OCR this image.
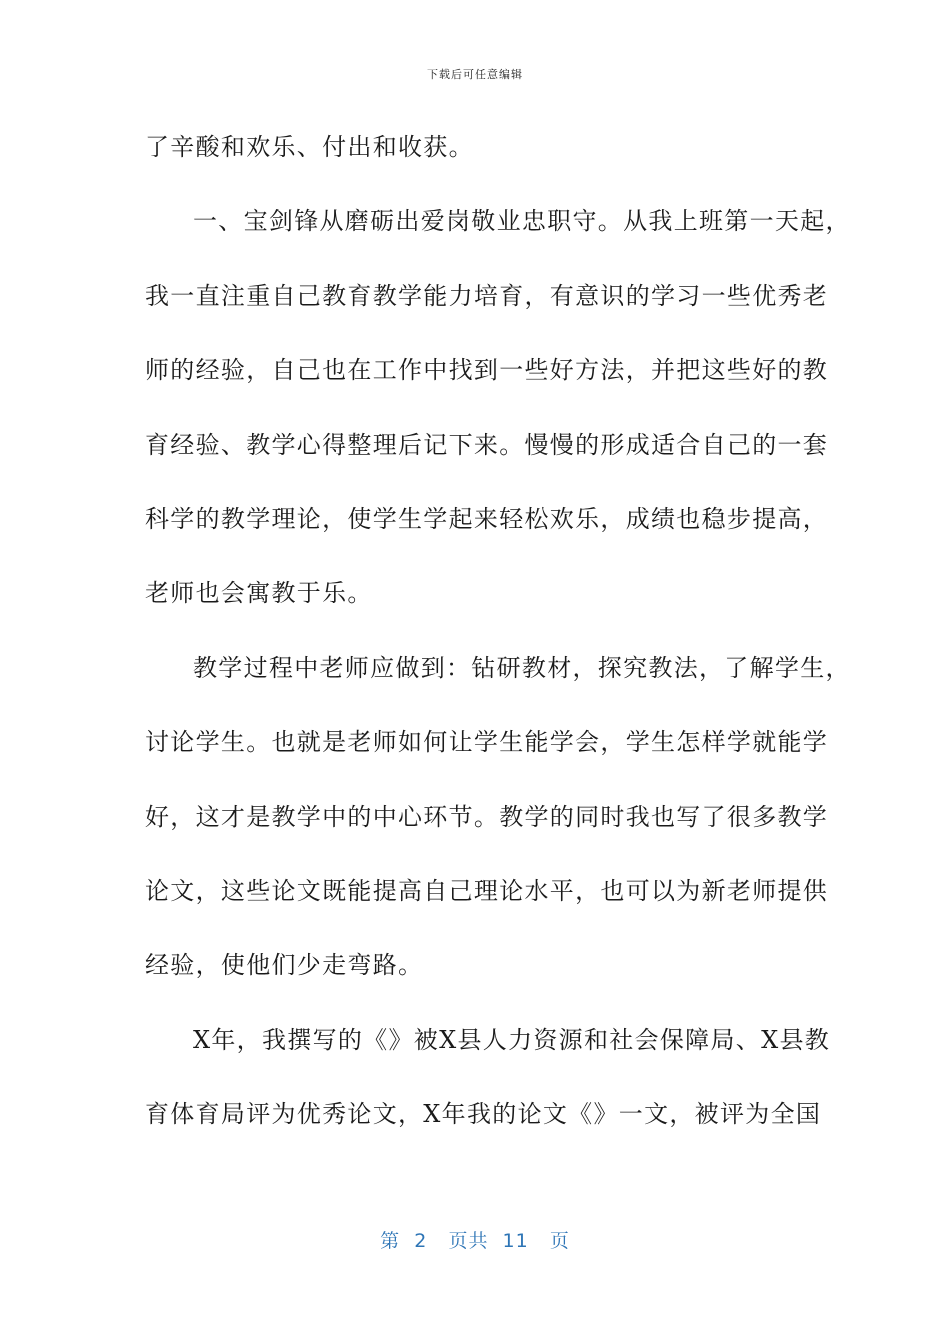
下载后可任意编辑
了辛酸和欢乐、付出和收获。
一、宝剑锋从磨砺出爱岗敬业忠职守。从我上班第一天起，
我一直注重自己教育教学能力培育，有意识的学习一些优秀老
师的经验，自己也在工作中找到一些好方法，并把这些好的教
育经验、教学心得整理后记下来。慢慢的形成适合自己的一套
科学的教学理论，使学生学起来轻松欢乐，成绩也稳步提高，
老师也会寓教于乐。
教学过程中老师应做到：钻研教材，探究教法，了解学生，
讨论学生。也就是老师如何让学生能学会，学生怎样学就能学
好，这才是教学中的中心环节。教学的同时我也写了很多教学
论文，这些论文既能提高自己理论水平，也可以为新老师提供
经验，使他们少走弯路。
X年，我撰写的《》被X县人力资源和社会保障局、X县教
育体育局评为优秀论文，X年我的论文《》一文，被评为全国
第  2   页共  11   页
